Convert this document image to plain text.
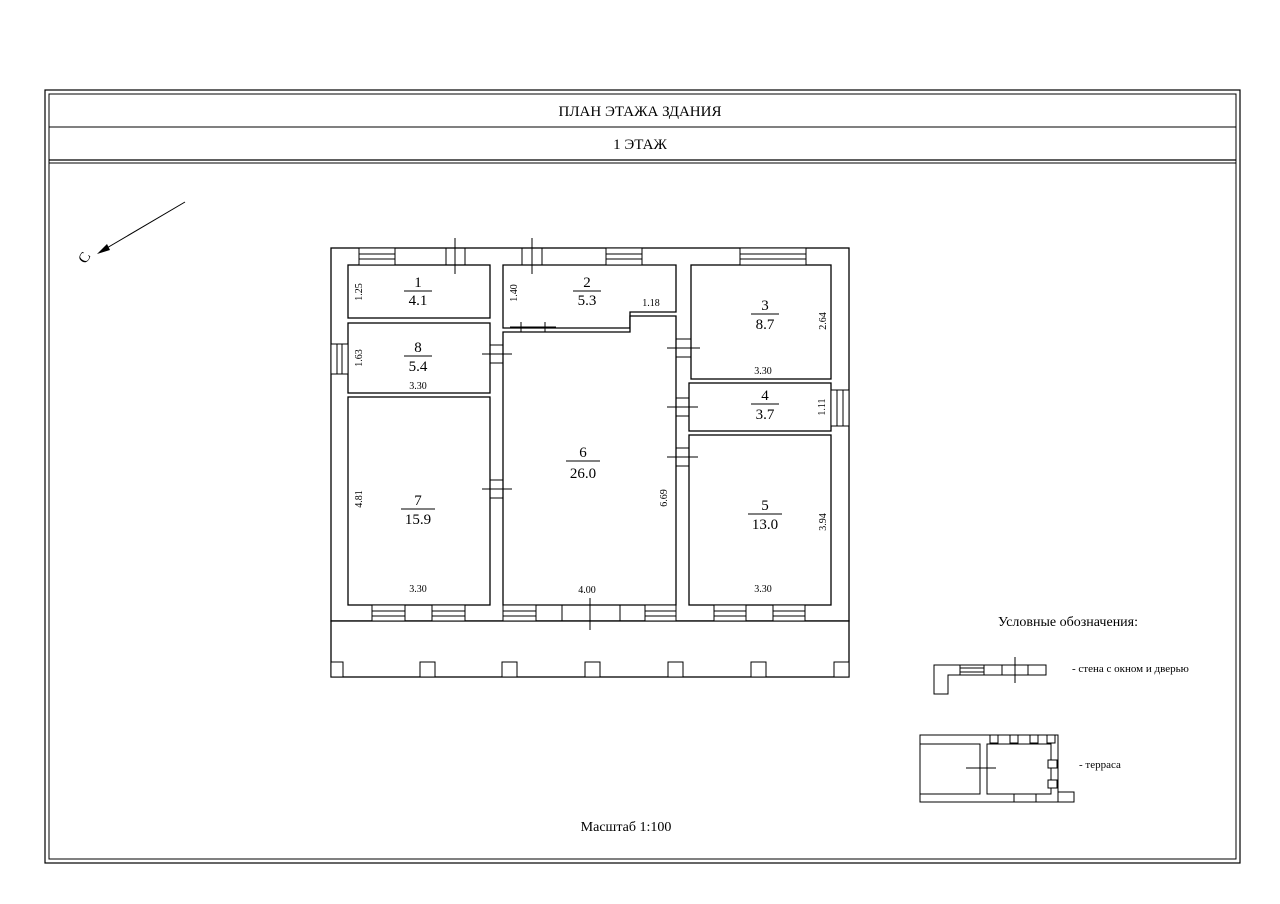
ПЛАН ЭТАЖА ЗДАНИЯ
1 ЭТАЖ
С
1
4.1
2
5.3	3
8.7
4
3.7
5
13.0
6
26.0
7
15.9
8
5.4
1.25	1.40
1.18
2.64
3.30
1.11
3.94
3.30
6.69
4.00
4.81
3.30
1.63
3.30
Условные обозначения:
- стена с окном и дверью
- терраса
Масштаб 1:100
